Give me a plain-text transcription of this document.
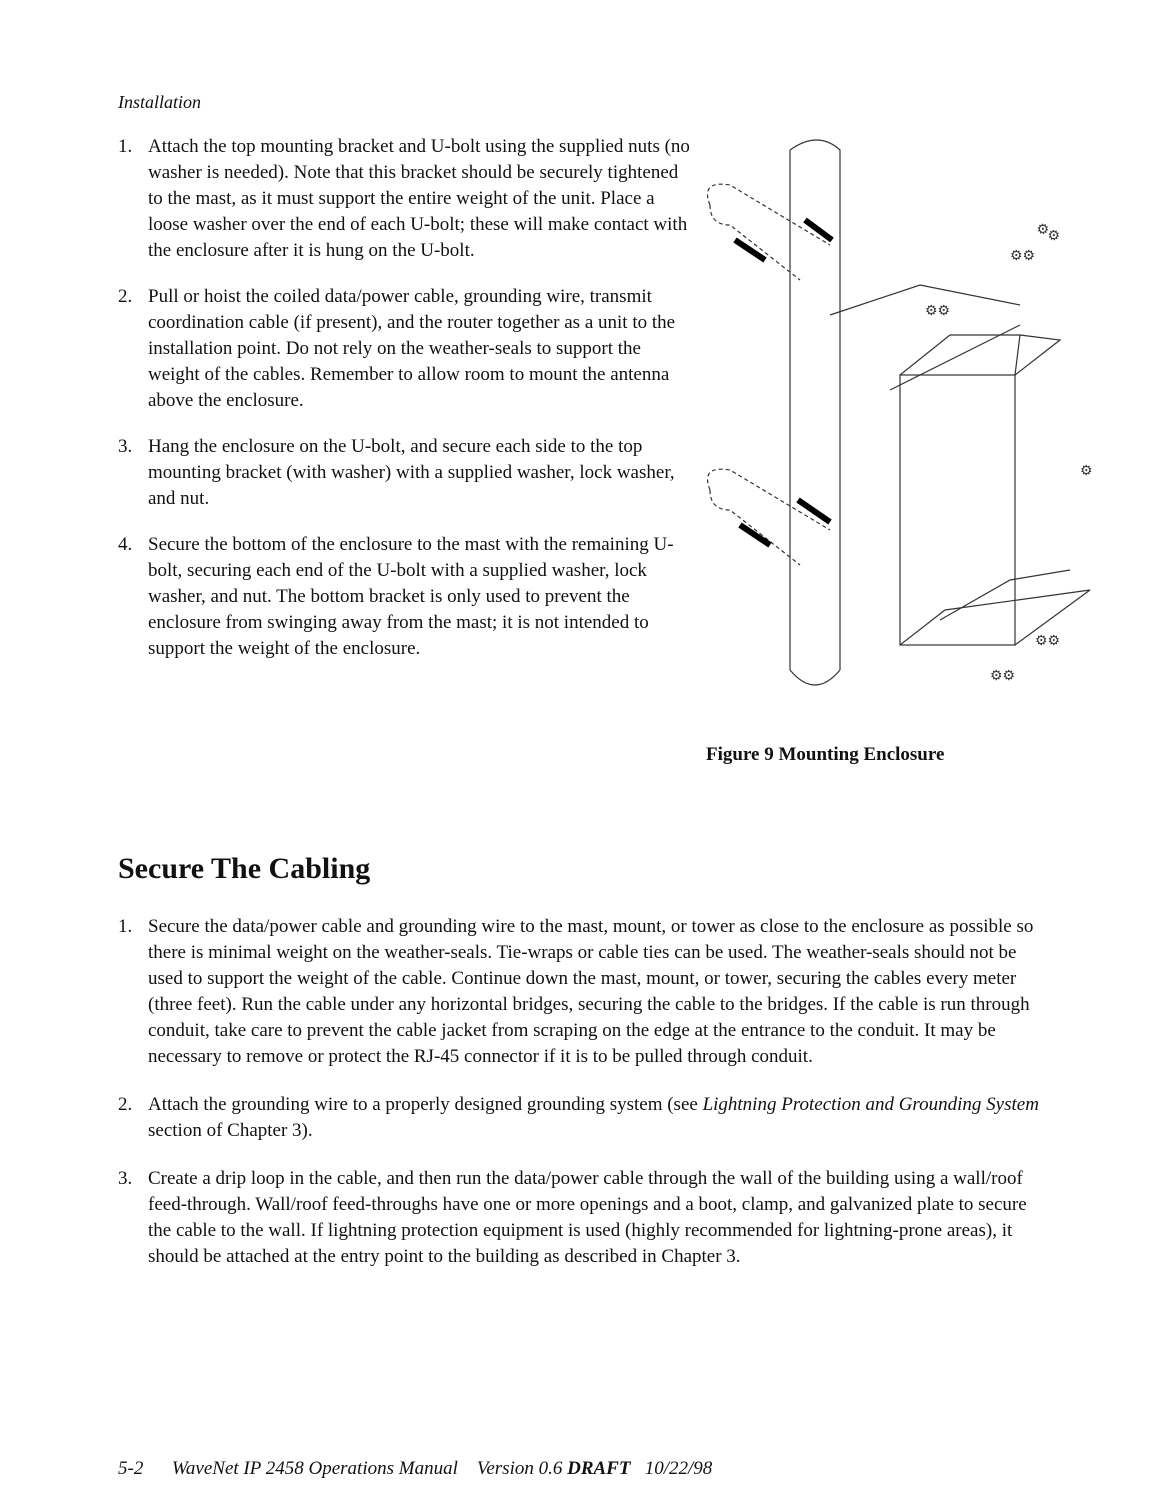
Installation
1. Attach the top mounting bracket and U-bolt using the supplied nuts (no washer is needed). Note that this bracket should be securely tightened to the mast, as it must support the entire weight of the unit. Place a loose washer over the end of each U-bolt; these will make contact with the enclosure after it is hung on the U-bolt.
2. Pull or hoist the coiled data/power cable, grounding wire, transmit coordination cable (if present), and the router together as a unit to the installation point. Do not rely on the weather-seals to support the weight of the cables. Remember to allow room to mount the antenna above the enclosure.
3. Hang the enclosure on the U-bolt, and secure each side to the top mounting bracket (with washer) with a supplied washer, lock washer, and nut.
4. Secure the bottom of the enclosure to the mast with the remaining U-bolt, securing each end of the U-bolt with a supplied washer, lock washer, and nut. The bottom bracket is only used to prevent the enclosure from swinging away from the mast; it is not intended to support the weight of the enclosure.
⚙⚙
⚙⚙
⚙⚙
⚙
⚙⚙
⚙⚙
Figure 9 Mounting Enclosure
Secure The Cabling
1. Secure the data/power cable and grounding wire to the mast, mount, or tower as close to the enclosure as possible so there is minimal weight on the weather-seals. Tie-wraps or cable ties can be used. The weather-seals should not be used to support the weight of the cable. Continue down the mast, mount, or tower, securing the cables every meter (three feet). Run the cable under any horizontal bridges, securing the cable to the bridges. If the cable is run through conduit, take care to prevent the cable jacket from scraping on the edge at the entrance to the conduit. It may be necessary to remove or protect the RJ-45 connector if it is to be pulled through conduit.
2. Attach the grounding wire to a properly designed grounding system (see Lightning Protection and Grounding System section of Chapter 3).
3. Create a drip loop in the cable, and then run the data/power cable through the wall of the building using a wall/roof feed-through. Wall/roof feed-throughs have one or more openings and a boot, clamp, and galvanized plate to secure the cable to the wall. If lightning protection equipment is used (highly recommended for lightning-prone areas), it should be attached at the entry point to the building as described in Chapter 3.
5-2 WaveNet IP 2458 Operations Manual Version 0.6 DRAFT 10/22/98
